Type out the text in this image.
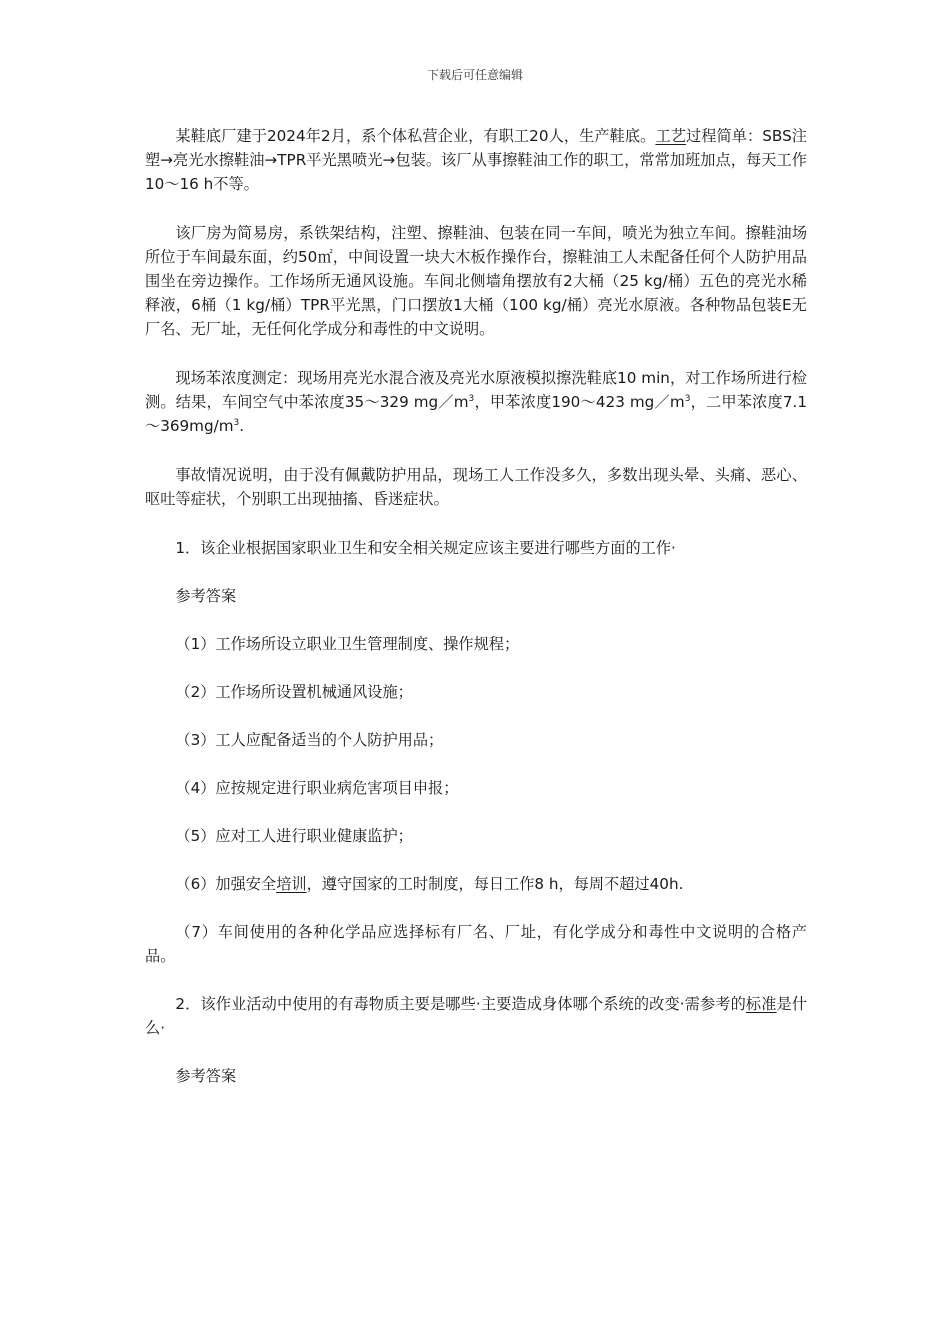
下载后可任意编辑

某鞋底厂建于2024年2月，系个体私营企业，有职工20人，生产鞋底。工艺过程简单：SBS注塑→亮光水擦鞋油→TPR平光黑喷光→包装。该厂从事擦鞋油工作的职工，常常加班加点，每天工作10～16 h不等。

该厂房为简易房，系铁架结构，注塑、擦鞋油、包装在同一车间，喷光为独立车间。擦鞋油场所位于车间最东面，约50㎡，中间设置一块大木板作操作台，擦鞋油工人未配备任何个人防护用品围坐在旁边操作。工作场所无通风设施。车间北侧墙角摆放有2大桶（25 kg/桶）五色的亮光水稀释液，6桶（1 kg/桶）TPR平光黑，门口摆放1大桶（100 kg/桶）亮光水原液。各种物品包装E无厂名、无厂址，无任何化学成分和毒性的中文说明。

现场苯浓度测定：现场用亮光水混合液及亮光水原液模拟擦洗鞋底10 min，对工作场所进行检测。结果，车间空气中苯浓度35～329 $mg/m^3$，甲苯浓度190～423 $mg/m^3$，二甲苯浓度$7.1\sim 369mg/m^3$.

事故情况说明，由于没有佩戴防护用品，现场工人工作没多久，多数出现头晕、头痛、恶心、呕吐等症状，个别职工出现抽搐、昏迷症状。

1．该企业根据国家职业卫生和安全相关规定应该主要进行哪些方面的工作·

参考答案

（1）工作场所设立职业卫生管理制度、操作规程；

（2）工作场所设置机械通风设施；

（3）工人应配备适当的个人防护用品；

（4）应按规定进行职业病危害项目申报；

（5）应对工人进行职业健康监护；

（6）加强安全培训，遵守国家的工时制度，每日工作8 h，每周不超过40h.

（7）车间使用的各种化学品应选择标有厂名、厂址，有化学成分和毒性中文说明的合格产品。

2．该作业活动中使用的有毒物质主要是哪些·主要造成身体哪个系统的改变·需参考的标准是什么·

参考答案
